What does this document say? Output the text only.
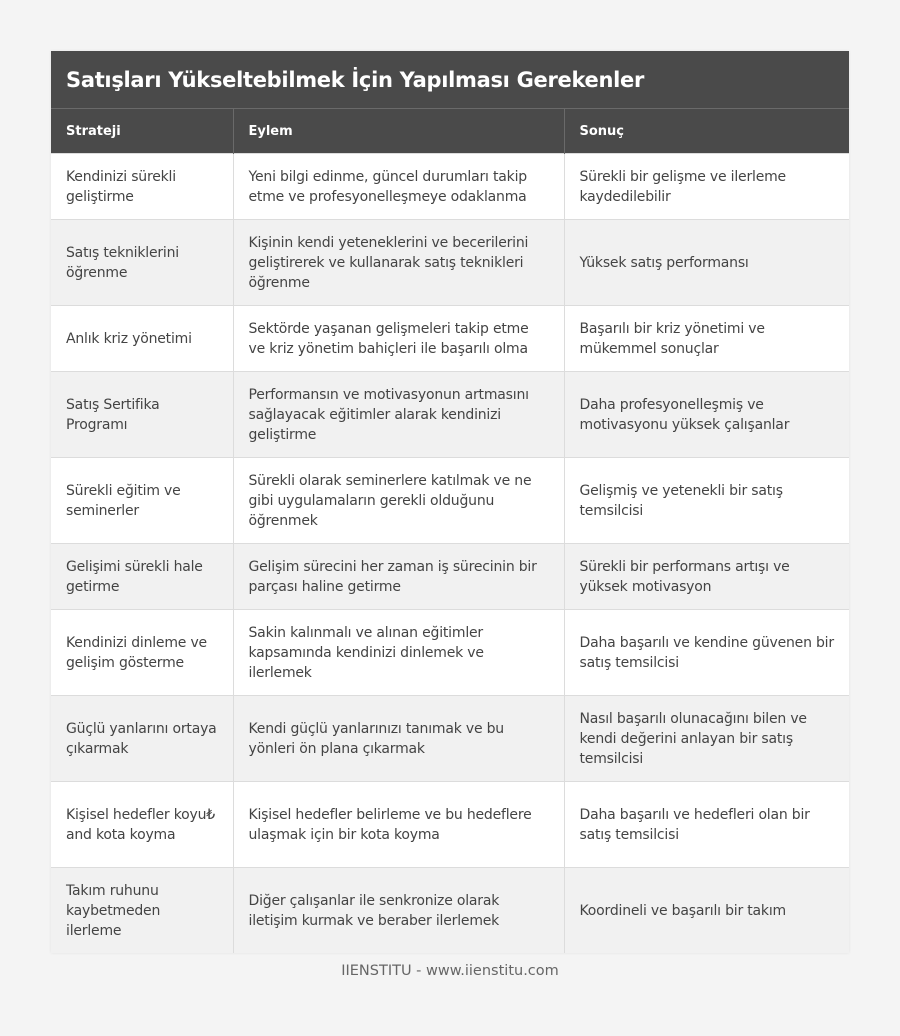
Satışları Yükseltebilmek İçin Yapılması Gerekenler
Strateji	Eylem	Sonuç
Kendinizi sürekli geliştirme	Yeni bilgi edinme, güncel durumları takip etme ve profesyonelleşmeye odaklanma	Sürekli bir gelişme ve ilerleme kaydedilebilir
Satış tekniklerini öğrenme	Kişinin kendi yeteneklerini ve becerilerini geliştirerek ve kullanarak satış teknikleri öğrenme	Yüksek satış performansı
Anlık kriz yönetimi	Sektörde yaşanan gelişmeleri takip etme ve kriz yönetim bahiçleri ile başarılı olma	Başarılı bir kriz yönetimi ve mükemmel sonuçlar
Satış Sertifika Programı	Performansın ve motivasyonun artmasını sağlayacak eğitimler alarak kendinizi geliştirme	Daha profesyonelleşmiş ve motivasyonu yüksek çalışanlar
Sürekli eğitim ve seminerler	Sürekli olarak seminerlere katılmak ve ne gibi uygulamaların gerekli olduğunu öğrenmek	Gelişmiş ve yetenekli bir satış temsilcisi
Gelişimi sürekli hale getirme	Gelişim sürecini her zaman iş sürecinin bir parçası haline getirme	Sürekli bir performans artışı ve yüksek motivasyon
Kendinizi dinleme ve gelişim gösterme	Sakin kalınmalı ve alınan eğitimler kapsamında kendinizi dinlemek ve ilerlemek	Daha başarılı ve kendine güvenen bir satış temsilcisi
Güçlü yanlarını ortaya çıkarmak	Kendi güçlü yanlarınızı tanımak ve bu yönleri ön plana çıkarmak	Nasıl başarılı olunacağını bilen ve kendi değerini anlayan bir satış temsilcisi
Kişisel hedefler koyu₺ and kota koyma	Kişisel hedefler belirleme ve bu hedeflere ulaşmak için bir kota koyma	Daha başarılı ve hedefleri olan bir satış temsilcisi
Takım ruhunu kaybetmeden ilerleme	Diğer çalışanlar ile senkronize olarak iletişim kurmak ve beraber ilerlemek	Koordineli ve başarılı bir takım
IIENSTITU - www.iienstitu.com
